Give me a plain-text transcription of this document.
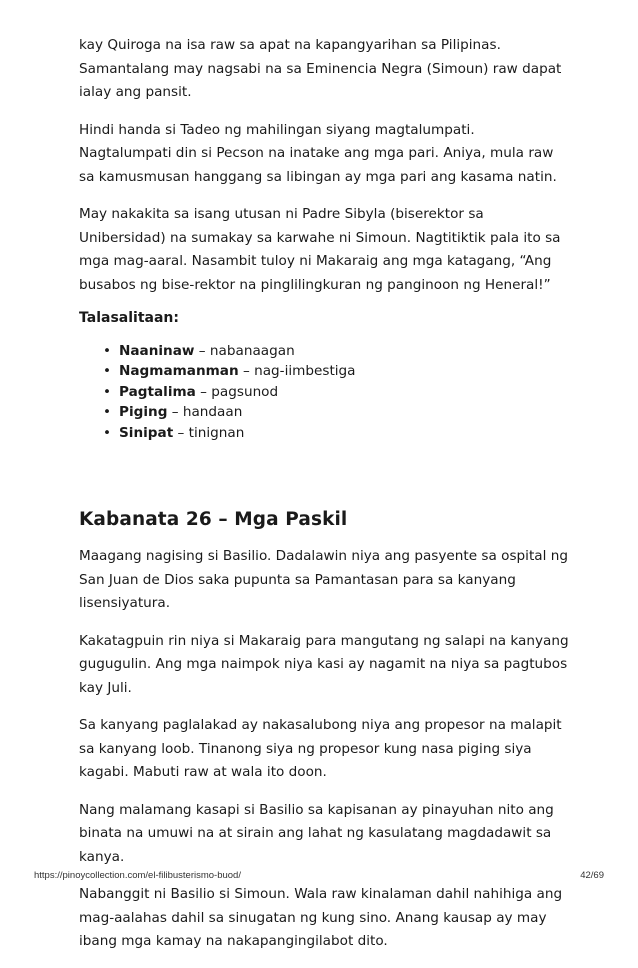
kay Quiroga na isa raw sa apat na kapangyarihan sa Pilipinas. Samantalang may nagsabi na sa Eminencia Negra (Simoun) raw dapat ialay ang pansit.

Hindi handa si Tadeo ng mahilingan siyang magtalumpati. Nagtalumpati din si Pecson na inatake ang mga pari. Aniya, mula raw sa kamusmusan hanggang sa libingan ay mga pari ang kasama natin.

May nakakita sa isang utusan ni Padre Sibyla (biserektor sa Unibersidad) na sumakay sa karwahe ni Simoun. Nagtitiktik pala ito sa mga mag-aaral. Nasambit tuloy ni Makaraig ang mga katagang, “Ang busabos ng bise-rektor na pinglilingkuran ng panginoon ng Heneral!”

Talasalitaan:
• Naaninaw – nabanaagan
• Nagmamanman – nag-iimbestiga
• Pagtalima – pagsunod
• Piging – handaan
• Sinipat – tinignan
Kabanata 26 – Mga Paskil

Maagang nagising si Basilio. Dadalawin niya ang pasyente sa ospital ng San Juan de Dios saka pupunta sa Pamantasan para sa kanyang lisensiyatura.

Kakatagpuin rin niya si Makaraig para mangutang ng salapi na kanyang gugugulin. Ang mga naimpok niya kasi ay nagamit na niya sa pagtubos kay Juli.

Sa kanyang paglalakad ay nakasalubong niya ang propesor na malapit sa kanyang loob. Tinanong siya ng propesor kung nasa piging siya kagabi. Mabuti raw at wala ito doon.

Nang malamang kasapi si Basilio sa kapisanan ay pinayuhan nito ang binata na umuwi na at sirain ang lahat ng kasulatang magdadawit sa kanya.

Nabanggit ni Basilio si Simoun. Wala raw kinalaman dahil nahihiga ang mag-aalahas dahil sa sinugatan ng kung sino. Anang kausap ay may ibang mga kamay na nakapangingilabot dito.

https://pinoycollection.com/el-filibusterismo-buod/	42/69
